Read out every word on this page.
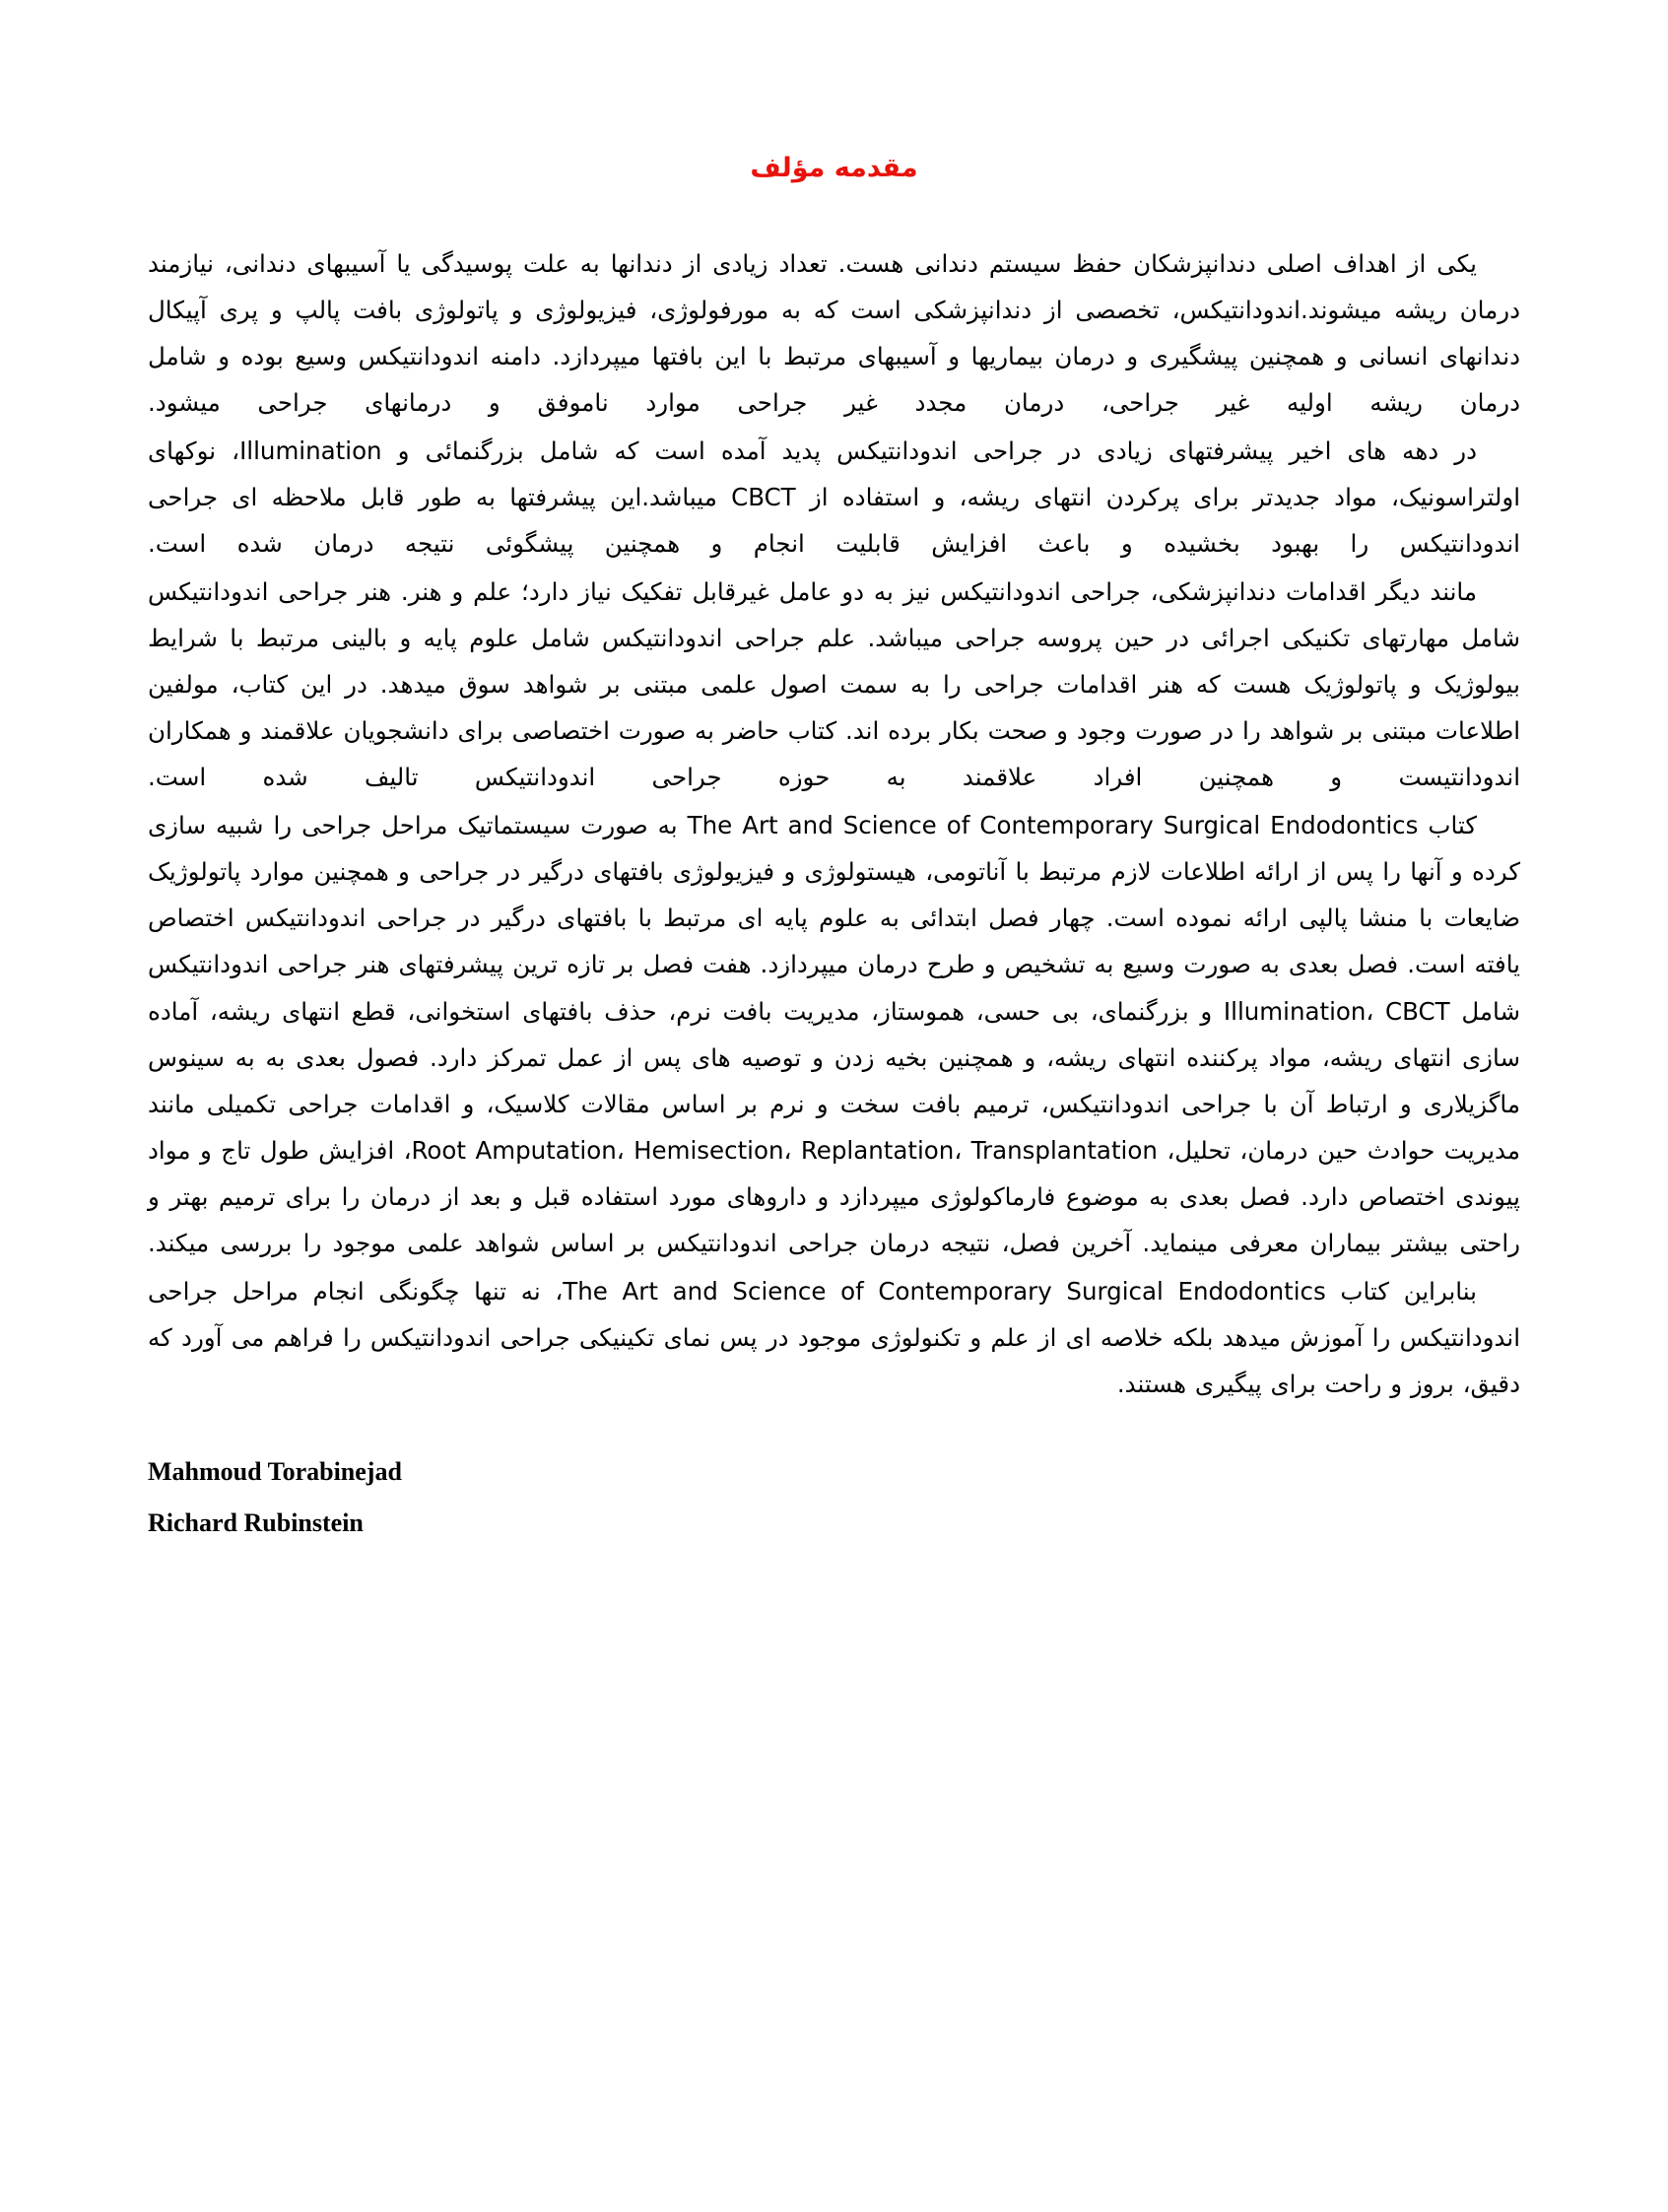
مقدمه مؤلف

یکی از اهداف اصلی دندانپزشکان حفظ سیستم دندانی هست. تعداد زیادی از دندانها به علت پوسیدگی یا آسیبهای دندانی، نیازمند درمان ریشه میشوند.اندودانتیکس، تخصصی از دندانپزشکی است که به مورفولوژی، فیزیولوژی و پاتولوژی بافت پالپ و پری آپیکال دندانهای انسانی و همچنین پیشگیری و درمان بیماریها و آسیبهای مرتبط با این بافتها میپردازد. دامنه اندودانتیکس وسیع بوده و شامل درمان ریشه اولیه غیر جراحی، درمان مجدد غیر جراحی موارد ناموفق و درمانهای جراحی میشود.

در دهه های اخیر پیشرفتهای زیادی در جراحی اندودانتیکس پدید آمده است که شامل بزرگنمائی و Illumination، نوکهای اولتراسونیک، مواد جدیدتر برای پرکردن انتهای ریشه، و استفاده از CBCT میباشد.این پیشرفتها به طور قابل ملاحظه ای جراحی اندودانتیکس را بهبود بخشیده و باعث افزایش قابلیت انجام و همچنین پیشگوئی نتیجه درمان شده است.

مانند دیگر اقدامات دندانپزشکی، جراحی اندودانتیکس نیز به دو عامل غیرقابل تفکیک نیاز دارد؛ علم و هنر. هنر جراحی اندودانتیکس شامل مهارتهای تکنیکی اجرائی در حین پروسه جراحی میباشد. علم جراحی اندودانتیکس شامل علوم پایه و بالینی مرتبط با شرایط بیولوژیک و پاتولوژیک هست که هنر اقدامات جراحی را به سمت اصول علمی مبتنی بر شواهد سوق میدهد. در این کتاب، مولفین اطلاعات مبتنی بر شواهد را در صورت وجود و صحت بکار برده اند. کتاب حاضر به صورت اختصاصی برای دانشجویان علاقمند و همکاران اندودانتیست و همچنین افراد علاقمند به حوزه جراحی اندودانتیکس تالیف شده است.

کتاب The Art and Science of Contemporary Surgical Endodontics به صورت سیستماتیک مراحل جراحی را شبیه سازی کرده و آنها را پس از ارائه اطلاعات لازم مرتبط با آناتومی، هیستولوژی و فیزیولوژی بافتهای درگیر در جراحی و همچنین موارد پاتولوژیک ضایعات با منشا پالپی ارائه نموده است. چهار فصل ابتدائی به علوم پایه ای مرتبط با بافتهای درگیر در جراحی اندودانتیکس اختصاص یافته است. فصل بعدی به صورت وسیع به تشخیص و طرح درمان میپردازد. هفت فصل بر تازه ترین پیشرفتهای هنر جراحی اندودانتیکس شامل Illumination، CBCT و بزرگنمای، بی حسی، هموستاز، مدیریت بافت نرم، حذف بافتهای استخوانی، قطع انتهای ریشه، آماده سازی انتهای ریشه، مواد پرکننده انتهای ریشه، و همچنین بخیه زدن و توصیه های پس از عمل تمرکز دارد. فصول بعدی به به سینوس ماگزیلاری و ارتباط آن با جراحی اندودانتیکس، ترمیم بافت سخت و نرم بر اساس مقالات کلاسیک، و اقدامات جراحی تکمیلی مانند مدیریت حوادث حین درمان، تحلیل، Root Amputation، Hemisection، Replantation، Transplantation، افزایش طول تاج و مواد پیوندی اختصاص دارد. فصل بعدی به موضوع فارماکولوژی میپردازد و داروهای مورد استفاده قبل و بعد از درمان را برای ترمیم بهتر و راحتی بیشتر بیماران معرفی مینماید. آخرین فصل، نتیجه درمان جراحی اندودانتیکس بر اساس شواهد علمی موجود را بررسی میکند.

بنابراین کتاب The Art and Science of Contemporary Surgical Endodontics، نه تنها چگونگی انجام مراحل جراحی اندودانتیکس را آموزش میدهد بلکه خلاصه ای از علم و تکنولوژی موجود در پس نمای تکینیکی جراحی اندودانتیکس را فراهم می آورد که دقیق، بروز و راحت برای پیگیری هستند.

Mahmoud Torabinejad

Richard Rubinstein
